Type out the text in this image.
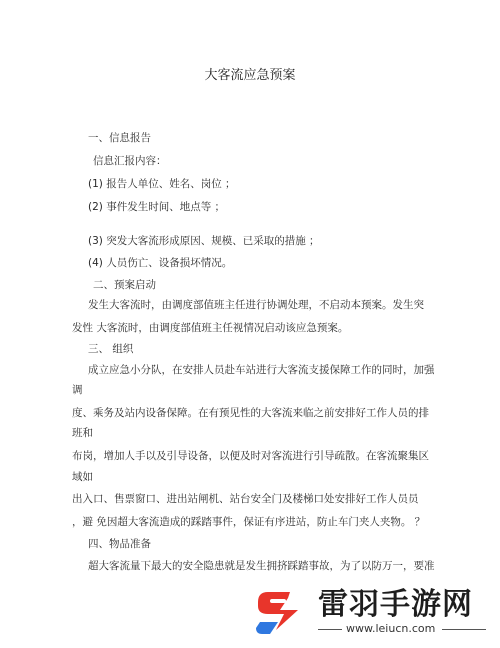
大客流应急预案
一、信息报告
信息汇报内容：
(1) 报告人单位、姓名、岗位 ；
(2) 事件发生时间、地点等 ；
(3) 突发大客流形成原因、规模、已采取的措施 ；
(4) 人员伤亡、设备损坏情况。
二、预案启动
发生大客流时，由调度部值班主任进行协调处理，不启动本预案。发生突
发性 大客流时，由调度部值班主任视情况启动该应急预案。
三、 组织
成立应急小分队，在安排人员赴车站进行大客流支援保障工作的同时，加强
调
度、乘务及站内设备保障。在有预见性的大客流来临之前安排好工作人员的排
班和
布岗，增加人手以及引导设备，以便及时对客流进行引导疏散。在客流聚集区
域如
出入口、售票窗口、进出站闸机、站台安全门及楼梯口处安排好工作人员员
，避 免因超大客流造成的踩踏事件，保证有序进站，防止车门夹人夹物。 ？
四、物品准备
超大客流量下最大的安全隐患就是发生拥挤踩踏事故，为了以防万一，要准
雷羽手游网
www.leiucn.com
